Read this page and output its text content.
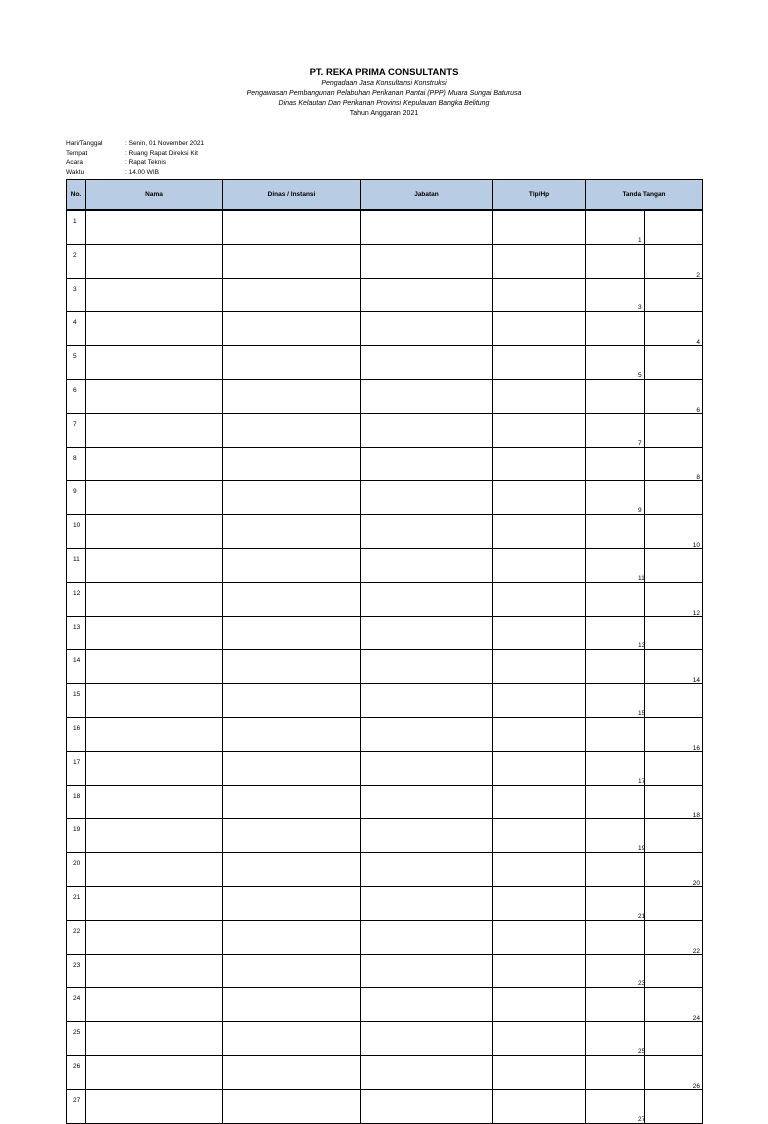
PT. REKA PRIMA CONSULTANTS
Pengadaan Jasa Konsultansi Konstruksi
Pengawasan Pembangunan Pelabuhan Perikanan Pantai (PPP) Muara Sungai Baturusa
Dinas Kelautan Dan Perikanan Provinsi Kepulauan Bangka Belitung
Tahun Anggaran 2021
Hari/Tanggal	: Senin, 01 November 2021
Tempat	: Ruang Rapat Direksi Kit
Acara	: Rapat Teknis
Waktu	: 14.00 WIB
No.	Nama	Dinas / Instansi	Jabatan	Tlp/Hp	Tanda Tangan
1					1

2					2

3					3

4					4

5					5

6					6

7					7

8					8

9					9

10					10

11					11

12					12

13					13

14					14

15					15

16					16

17					17

18					18

19					19

20					20

21					21

22					22

23					23

24					24

25					25

26					26

27					27
